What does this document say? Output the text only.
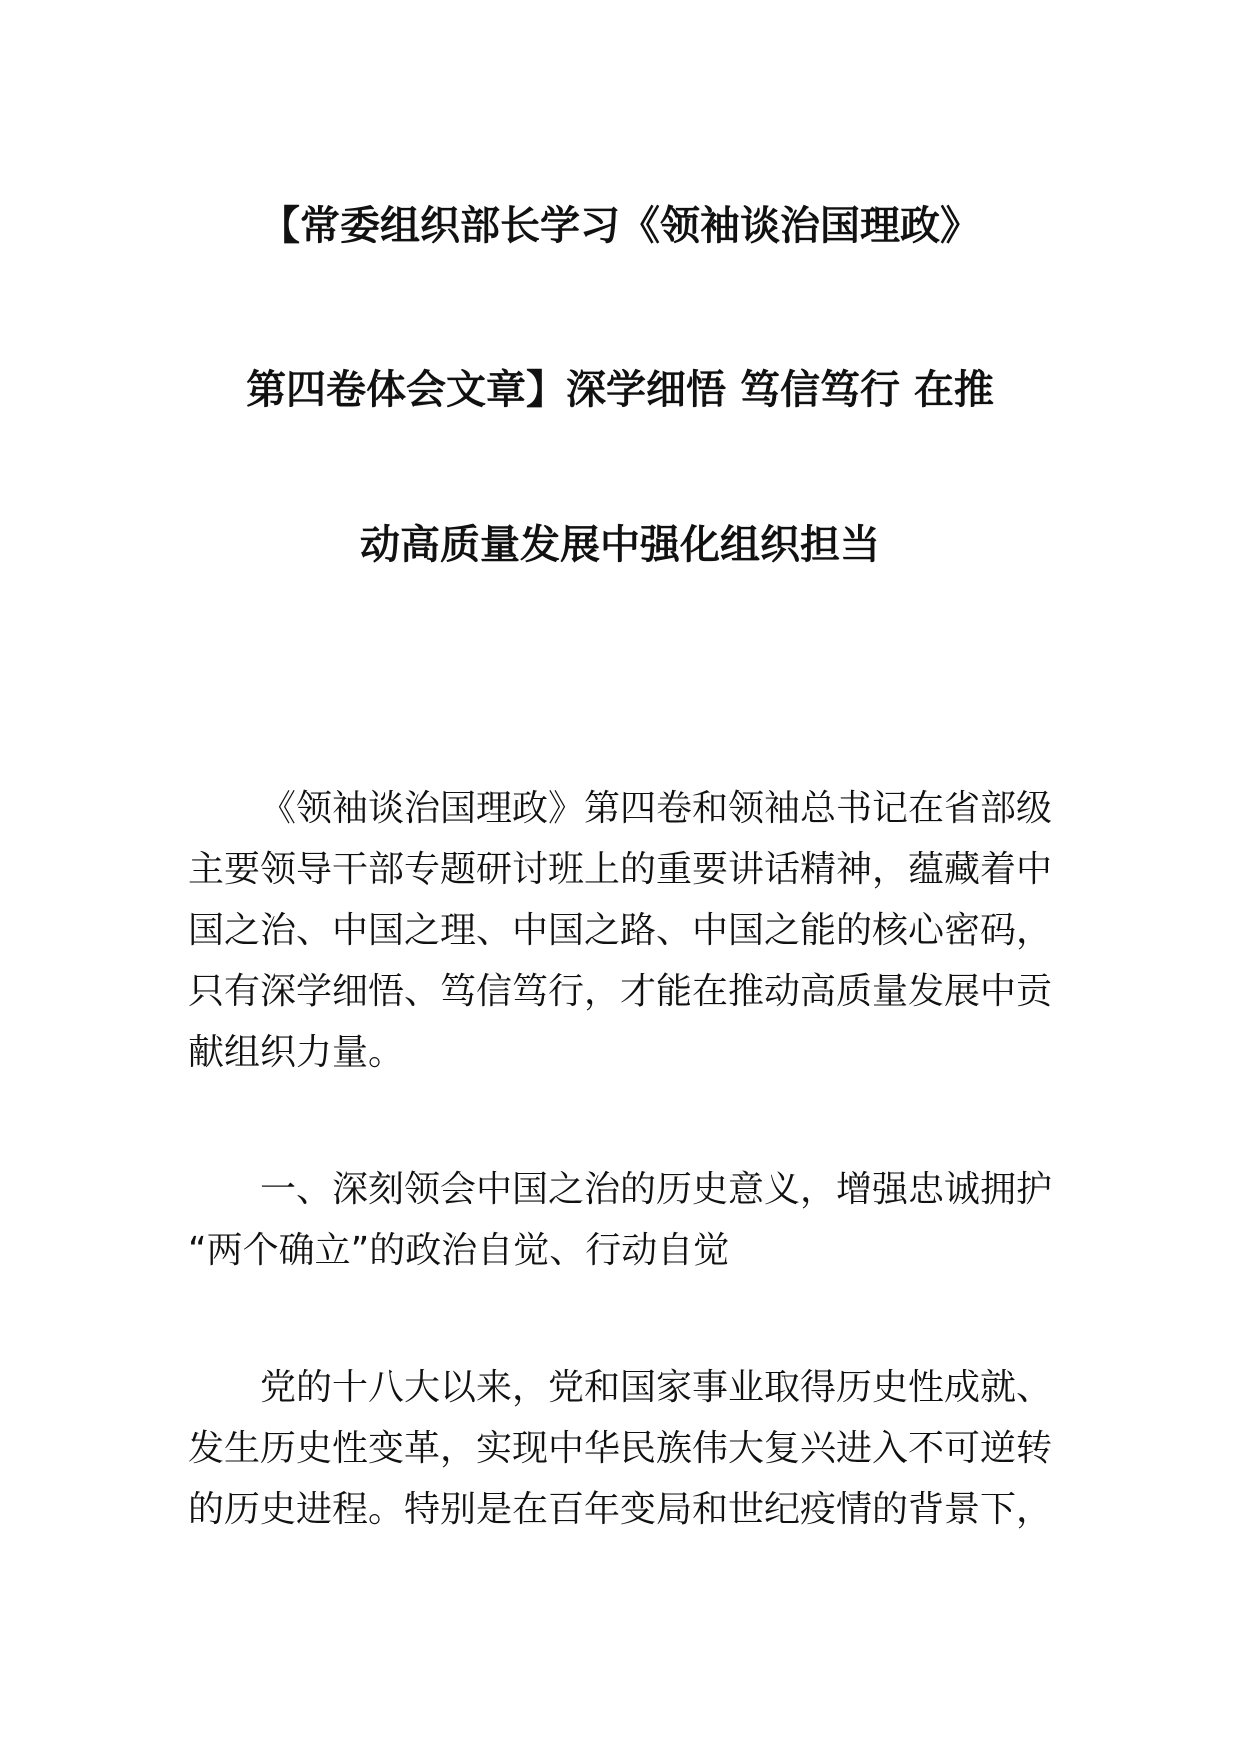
【常委组织部长学习《领袖谈治国理政》
第四卷体会文章】深学细悟 笃信笃行 在推
动高质量发展中强化组织担当
《领袖谈治国理政》第四卷和领袖总书记在省部级
主要领导干部专题研讨班上的重要讲话精神，蕴藏着中
国之治、中国之理、中国之路、中国之能的核心密码，
只有深学细悟、笃信笃行，才能在推动高质量发展中贡
献组织力量。
一、深刻领会中国之治的历史意义，增强忠诚拥护
“两个确立”的政治自觉、行动自觉
党的十八大以来，党和国家事业取得历史性成就、
发生历史性变革，实现中华民族伟大复兴进入不可逆转
的历史进程。特别是在百年变局和世纪疫情的背景下，
